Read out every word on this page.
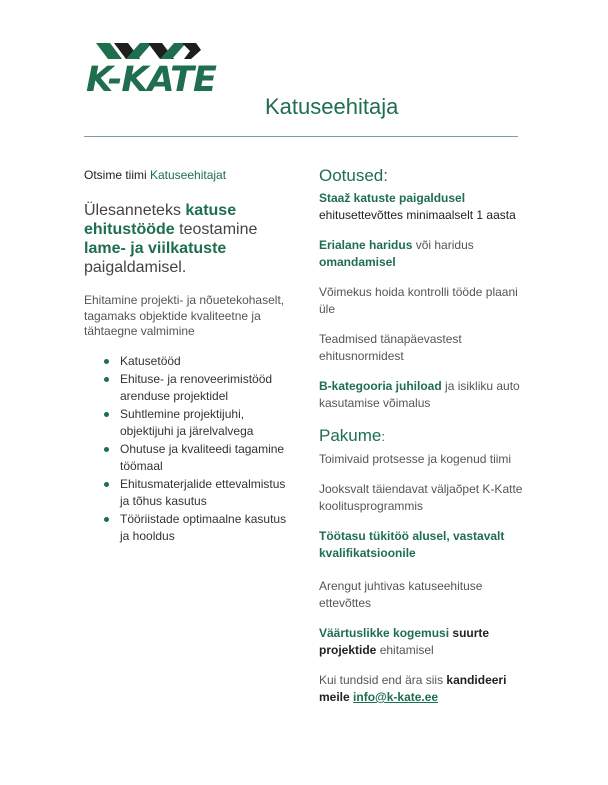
K-KATE
Katuseehitaja

Otsime tiimi Katuseehitajat

Ülesanneteks katuse ehitustööde teostamine lame- ja viilkatuste paigaldamisel.

Ehitamine projekti- ja nõuetekohaselt, tagamaks objektide kvaliteetne ja tähtaegne valmimine

Katusetööd
Ehituse- ja renoveerimistööd arenduse projektidel
Suhtlemine projektijuhi, objektijuhi ja järelvalvega
Ohutuse ja kvaliteedi tagamine töömaal
Ehitusmaterjalide ettevalmistus ja tõhus kasutus
Tööriistade optimaalne kasutus ja hooldus
Ootused:
Staaž katuste paigaldusel
ehitusettevõttes minimaalselt 1 aasta
Erialane haridus või haridus omandamisel
Võimekus hoida kontrolli tööde plaani üle
Teadmised tänapäevastest ehitusnormidest
B-kategooria juhiload ja isikliku auto kasutamise võimalus
Pakume:
Toimivaid protsesse ja kogenud tiimi
Jooksvalt täiendavat väljaõpet K-Katte koolitusprogrammis
Töötasu tükitöö alusel, vastavalt kvalifikatsioonile
Arengut juhtivas katuseehituse ettevõttes
Väärtuslikke kogemusi suurte projektide ehitamisel
Kui tundsid end ära siis kandideeri meile info@k-kate.ee
